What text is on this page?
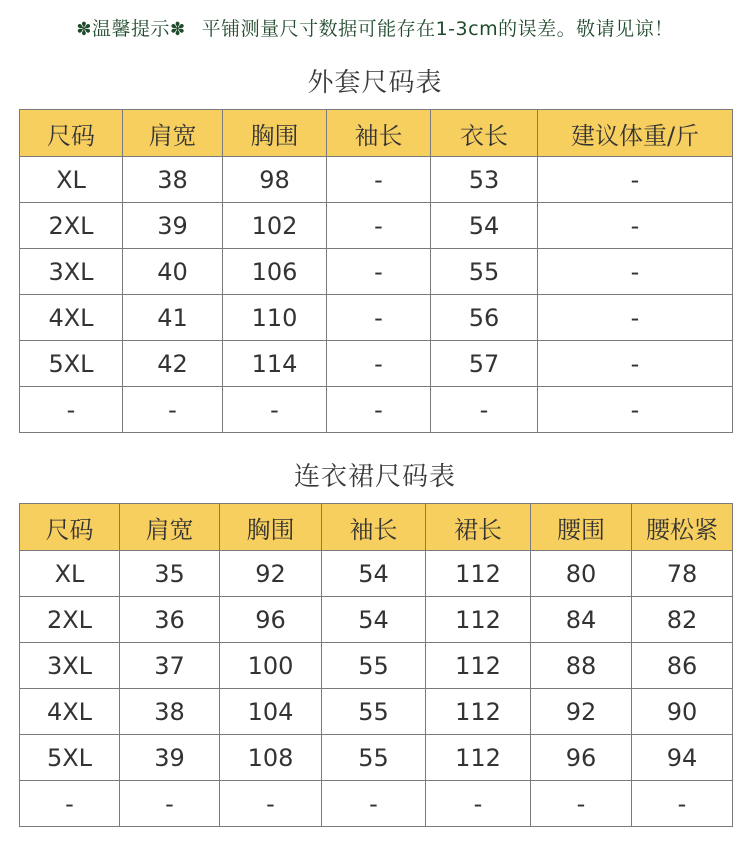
✽温馨提示✽ 平铺测量尺寸数据可能存在1-3cm的误差。敬请见谅！
外套尺码表
尺码	肩宽	胸围	袖长	衣长	建议体重/斤
XL	38	98	-	53	-
2XL	39	102	-	54	-
3XL	40	106	-	55	-
4XL	41	110	-	56	-
5XL	42	114	-	57	-
-	-	-	-	-	-
连衣裙尺码表
尺码	肩宽	胸围	袖长	裙长	腰围	腰松紧
XL	35	92	54	112	80	78
2XL	36	96	54	112	84	82
3XL	37	100	55	112	88	86
4XL	38	104	55	112	92	90
5XL	39	108	55	112	96	94
-	-	-	-	-	-	-
